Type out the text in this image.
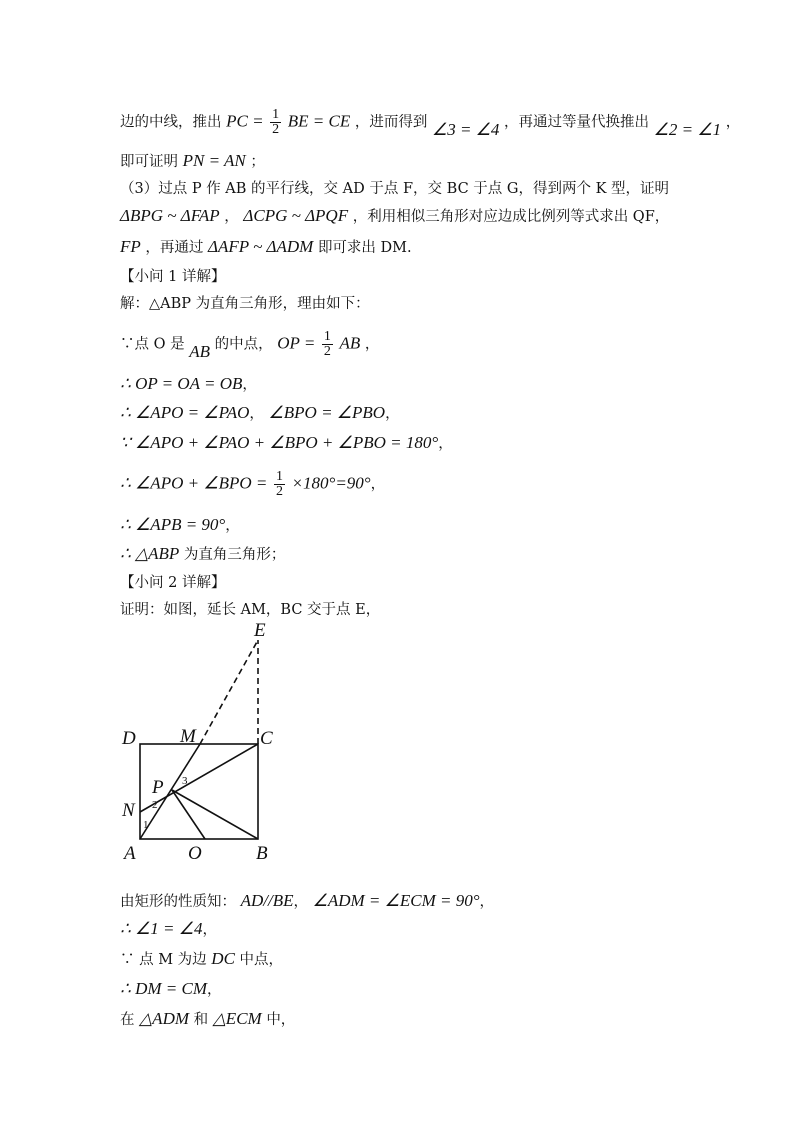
边的中线，推出 PC = $\frac{1}{2}$ BE = CE ，进而得到 ∠3 = ∠4 ，再通过等量代换推出 ∠2 = ∠1 ，
即可证明 PN = AN ；
（3）过点 P 作 AB 的平行线，交 AD 于点 F，交 BC 于点 G，得到两个 K 型，证明
ΔBPG ~ ΔFAP ， ΔCPG ~ ΔPQF ，利用相似三角形对应边成比例列等式求出 QF，
FP ，再通过 ΔAFP ~ ΔADM 即可求出 DM.
【小问 1 详解】
解：△ABP 为直角三角形，理由如下：
∵点 O 是 AB 的中点， OP = $\frac{1}{2}$ AB ，
∴ OP = OA = OB，
∴ ∠APO = ∠PAO， ∠BPO = ∠PBO，
∵ ∠APO + ∠PAO + ∠BPO + ∠PBO = 180°，
∴ ∠APO + ∠BPO = $\frac{1}{2} \times 180^\circ=90^\circ$，
∴ ∠APB = 90°，
∴ △ABP 为直角三角形；
【小问 2 详解】
证明：如图，延长 AM，BC 交于点 E，
E
D M	C
P
N
A	O	B
1
2
3
由矩形的性质知： AD//BE， ∠ADM = ∠ECM = 90°，
∴ ∠1 = ∠4，
∵ 点 M 为边 DC 中点，
∴ DM = CM，
在 △ADM 和 △ECM 中，
